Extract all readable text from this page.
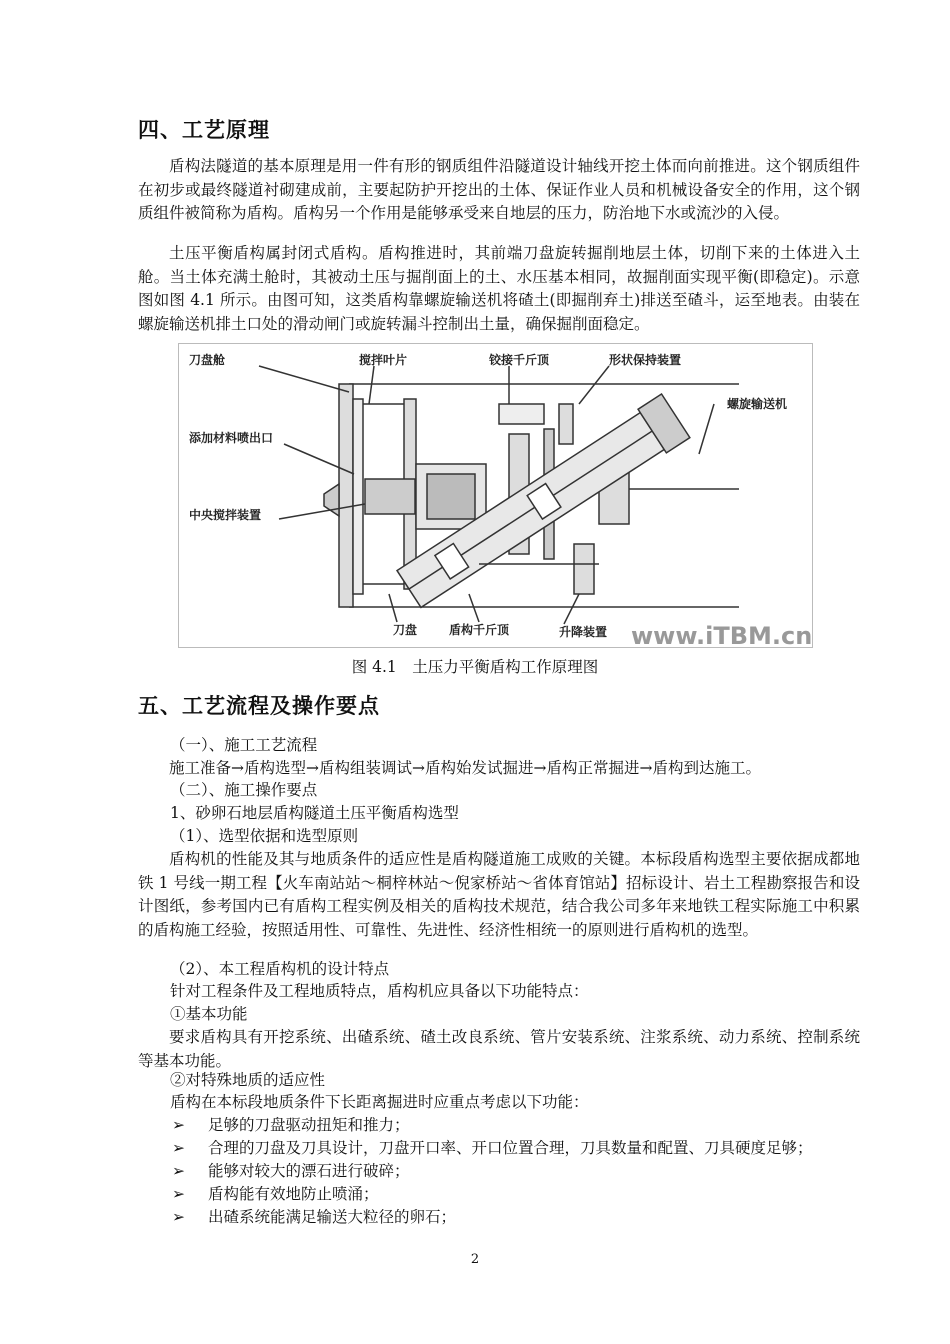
四、工艺原理
盾构法隧道的基本原理是用一件有形的钢质组件沿隧道设计轴线开挖土体而向前推进。这个钢质组件在初步或最终隧道衬砌建成前，主要起防护开挖出的土体、保证作业人员和机械设备安全的作用，这个钢质组件被简称为盾构。盾构另一个作用是能够承受来自地层的压力，防治地下水或流沙的入侵。
土压平衡盾构属封闭式盾构。盾构推进时，其前端刀盘旋转掘削地层土体，切削下来的土体进入土舱。当土体充满土舱时，其被动土压与掘削面上的土、水压基本相同，故掘削面实现平衡(即稳定)。示意图如图 4.1 所示。由图可知，这类盾构靠螺旋输送机将碴土(即掘削弃土)排送至碴斗，运至地表。由装在螺旋输送机排土口处的滑动闸门或旋转漏斗控制出土量，确保掘削面稳定。
刀盘舱	搅拌叶片	铰接千斤顶	形状保持装置
螺旋输送机
添加材料喷出口
中央搅拌装置
刀盘	盾构千斤顶	升降装置 www.iTBM.cn
图 4.1　土压力平衡盾构工作原理图
五、工艺流程及操作要点
（一）、施工工艺流程
施工准备→盾构选型→盾构组装调试→盾构始发试掘进→盾构正常掘进→盾构到达施工。
（二）、施工操作要点
1、砂卵石地层盾构隧道土压平衡盾构选型
（1）、选型依据和选型原则
盾构机的性能及其与地质条件的适应性是盾构隧道施工成败的关键。本标段盾构选型主要依据成都地铁 1 号线一期工程【火车南站站～桐梓林站～倪家桥站～省体育馆站】招标设计、岩土工程勘察报告和设计图纸，参考国内已有盾构工程实例及相关的盾构技术规范，结合我公司多年来地铁工程实际施工中积累的盾构施工经验，按照适用性、可靠性、先进性、经济性相统一的原则进行盾构机的选型。
（2）、本工程盾构机的设计特点
针对工程条件及工程地质特点，盾构机应具备以下功能特点：
①基本功能
要求盾构具有开挖系统、出碴系统、碴土改良系统、管片安装系统、注浆系统、动力系统、控制系统等基本功能。
②对特殊地质的适应性
盾构在本标段地质条件下长距离掘进时应重点考虑以下功能：
➢ 足够的刀盘驱动扭矩和推力；
➢ 合理的刀盘及刀具设计，刀盘开口率、开口位置合理，刀具数量和配置、刀具硬度足够；
➢ 能够对较大的漂石进行破碎；
➢ 盾构能有效地防止喷涌；
➢ 出碴系统能满足输送大粒径的卵石；
2
